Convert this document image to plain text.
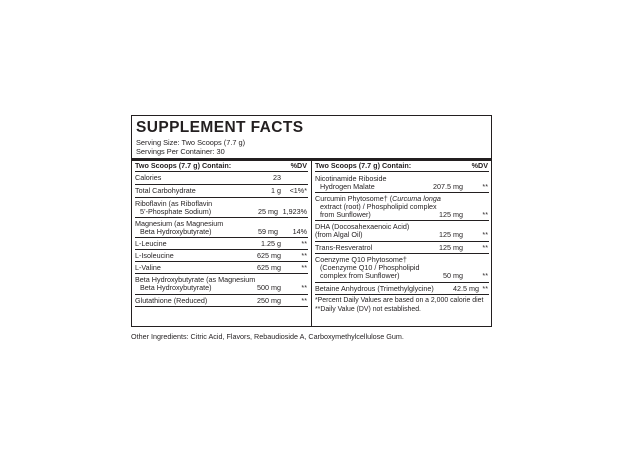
SUPPLEMENT FACTS
Serving Size: Two Scoops (7.7 g)
Servings Per Container: 30
Two Scoops (7.7 g) Contain:	%DV
Calories	23
Total Carbohydrate	1 g <1%*
Riboflavin (as Riboflavin
5’-Phosphate Sodium)	25 mg 1,923%
Magnesium (as Magnesium
Beta Hydroxybutyrate)	59 mg 14%
L-Leucine	1.25 g	**
L-Isoleucine	625 mg	**
L-Valine	625 mg	**
Beta Hydroxybutyrate (as Magnesium
Beta Hydroxybutyrate)	500 mg	**
Glutathione (Reduced)	250 mg	**
Two Scoops (7.7 g) Contain:	%DV
Nicotinamide Riboside
Hydrogen Malate	207.5 mg	**
Curcumin Phytosome† (Curcuma longa
extract (root) / Phospholipid complex
from Sunflower)	125 mg	**
DHA (Docosahexaenoic Acid)
(from Algal Oil)	125 mg	**
Trans-Resveratrol	125 mg	**
Coenzyme Q10 Phytosome†
(Coenzyme Q10 / Phospholipid
complex from Sunflower)	50 mg	**
Betaine Anhydrous (Trimethylglycine)	42.5 mg **
*Percent Daily Values are based on a 2,000 calorie diet
**Daily Value (DV) not established.
Other Ingredients: Citric Acid, Flavors, Rebaudioside A, Carboxymethylcellulose Gum.
